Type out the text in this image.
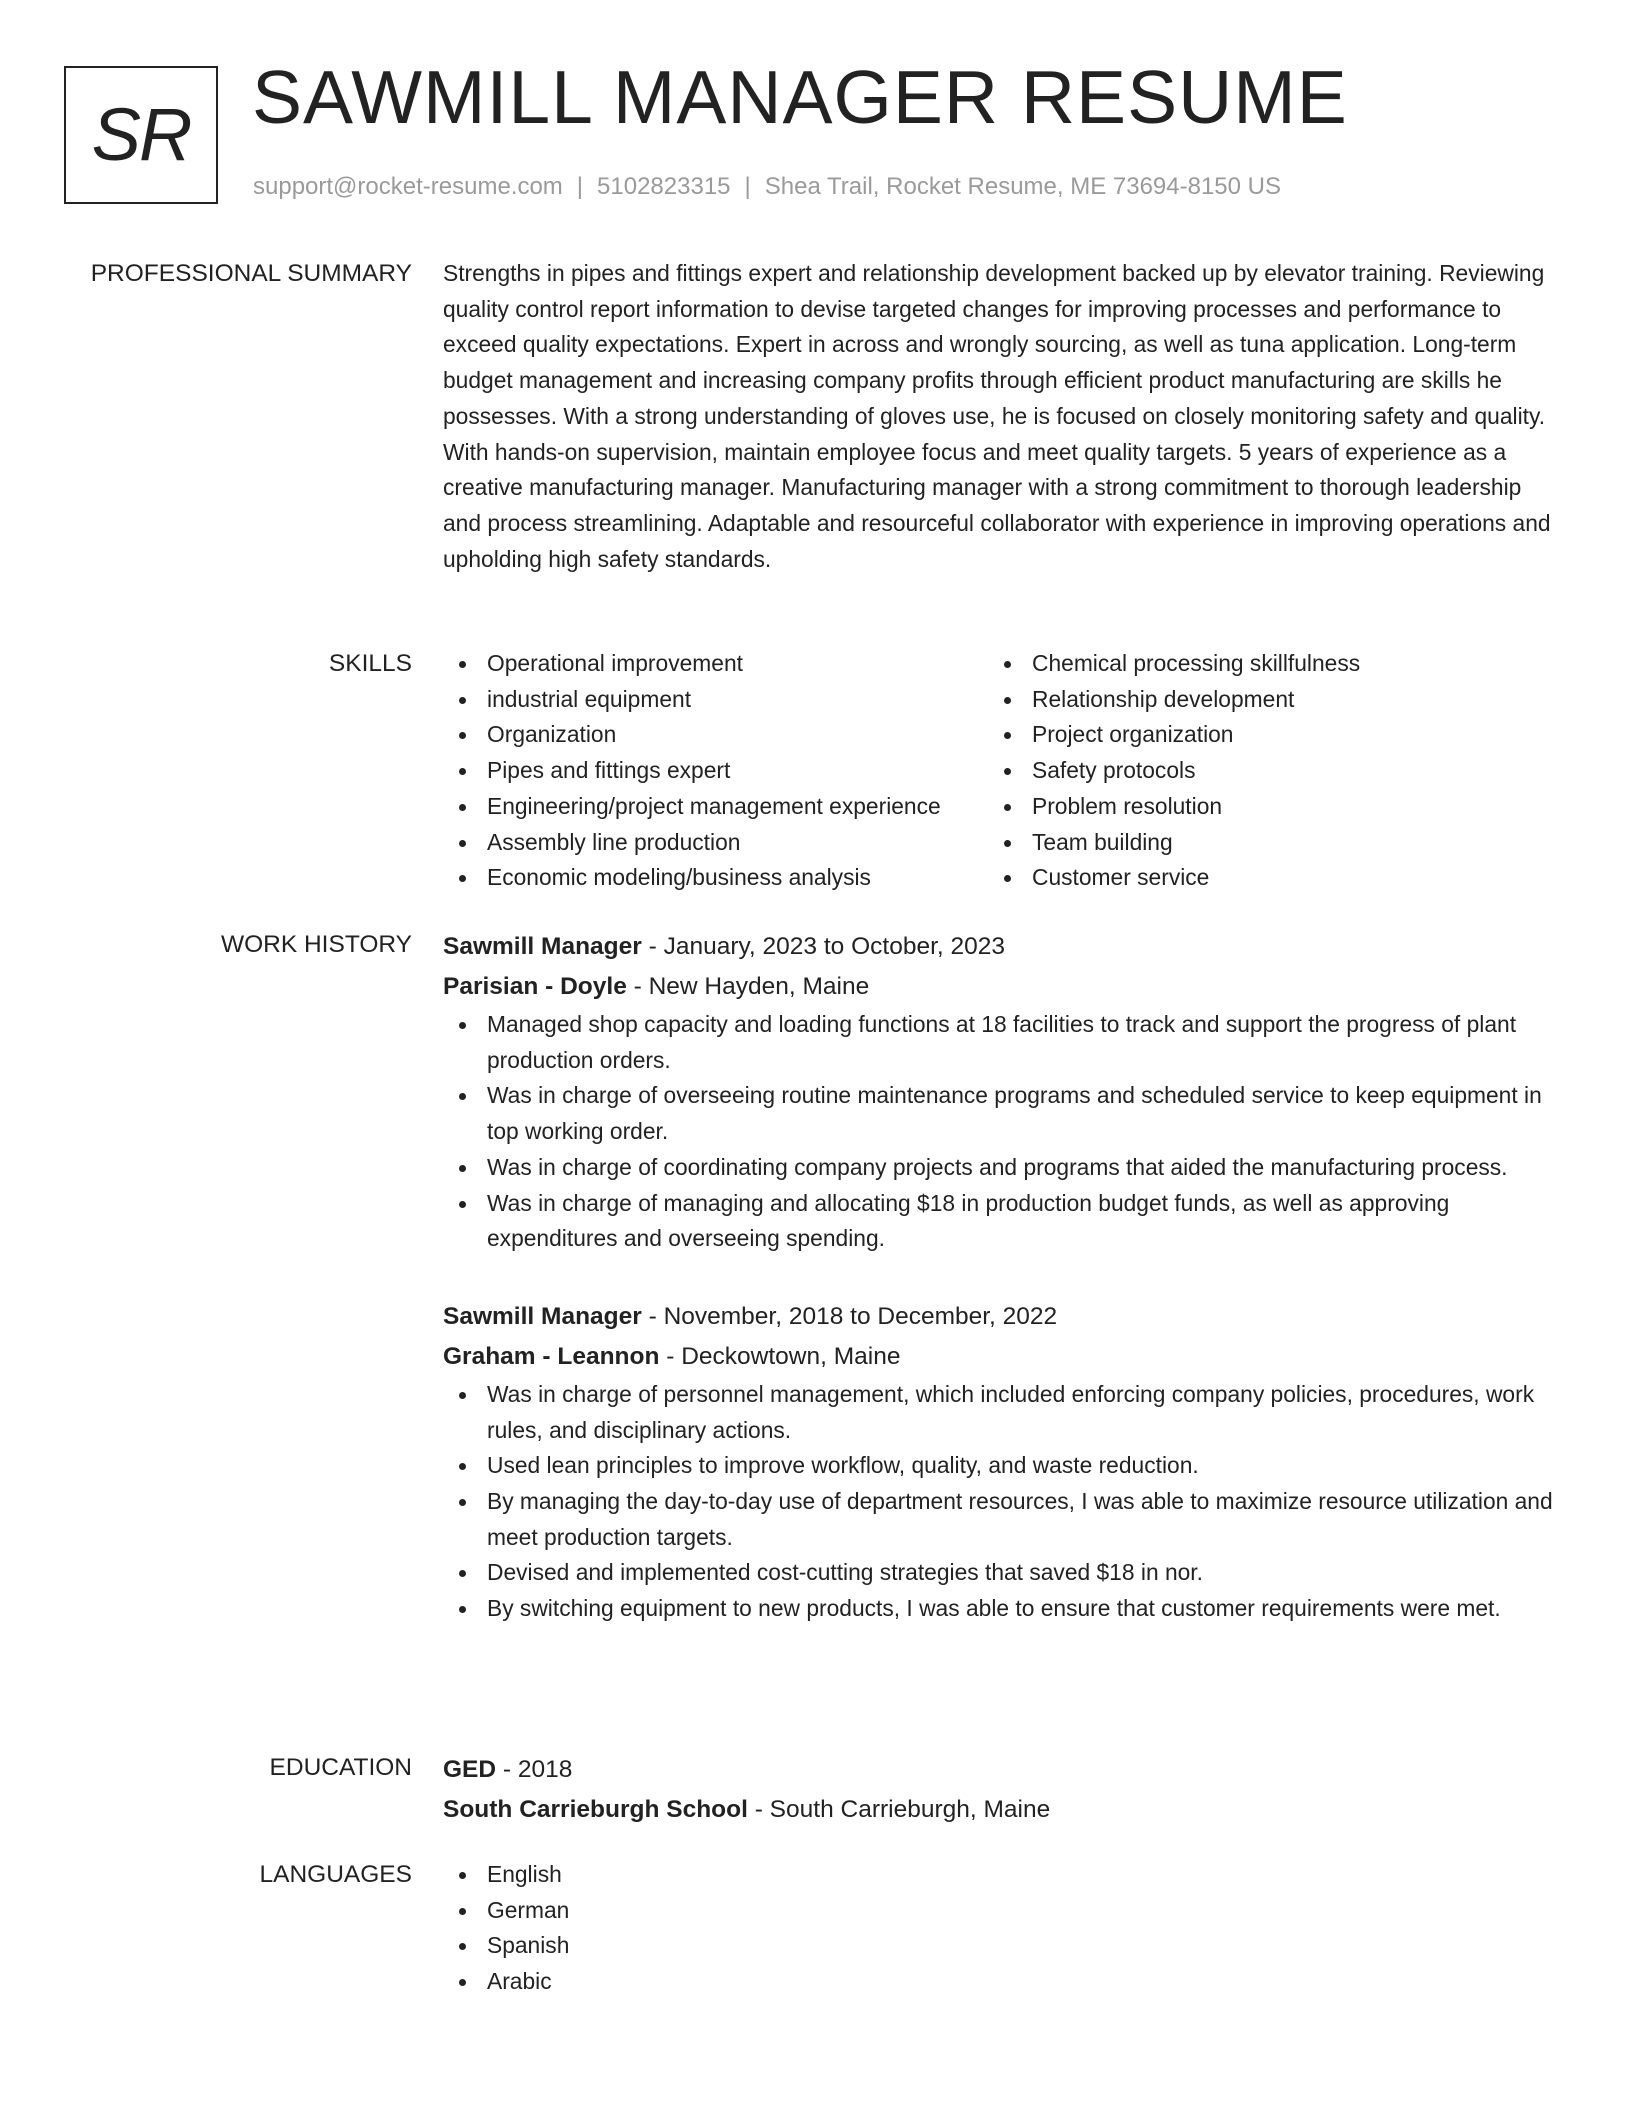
SR SAWMILL MANAGER RESUME
support@rocket-resume.com | 5102823315 | Shea Trail, Rocket Resume, ME 73694-8150 US
PROFESSIONAL SUMMARY Strengths in pipes and fittings expert and relationship development backed up by elevator training. Reviewing quality control report information to devise targeted changes for improving processes and performance to exceed quality expectations. Expert in across and wrongly sourcing, as well as tuna application. Long-term budget management and increasing company profits through efficient product manufacturing are skills he possesses. With a strong understanding of gloves use, he is focused on closely monitoring safety and quality. With hands-on supervision, maintain employee focus and meet quality targets. 5 years of experience as a creative manufacturing manager. Manufacturing manager with a strong commitment to thorough leadership and process streamlining. Adaptable and resourceful collaborator with experience in improving operations and upholding high safety standards.

SKILLS	Operational improvement
industrial equipment
Organization
Pipes and fittings expert
Engineering/project management experience
Assembly line production
Economic modeling/business analysis
Chemical processing skillfulness
Relationship development
Project organization
Safety protocols
Problem resolution
Team building
Customer service
WORK HISTORY Sawmill Manager - January, 2023 to October, 2023
Parisian - Doyle - New Hayden, Maine
Managed shop capacity and loading functions at 18 facilities to track and support the progress of plant production orders.
Was in charge of overseeing routine maintenance programs and scheduled service to keep equipment in top working order.
Was in charge of coordinating company projects and programs that aided the manufacturing process.
Was in charge of managing and allocating $18 in production budget funds, as well as approving expenditures and overseeing spending.
Sawmill Manager - November, 2018 to December, 2022
Graham - Leannon - Deckowtown, Maine
Was in charge of personnel management, which included enforcing company policies, procedures, work rules, and disciplinary actions.
Used lean principles to improve workflow, quality, and waste reduction.
By managing the day-to-day use of department resources, I was able to maximize resource utilization and meet production targets.
Devised and implemented cost-cutting strategies that saved $18 in nor.
By switching equipment to new products, I was able to ensure that customer requirements were met.
EDUCATION GED - 2018
South Carrieburgh School - South Carrieburgh, Maine
LANGUAGES	English
German
Spanish
Arabic
